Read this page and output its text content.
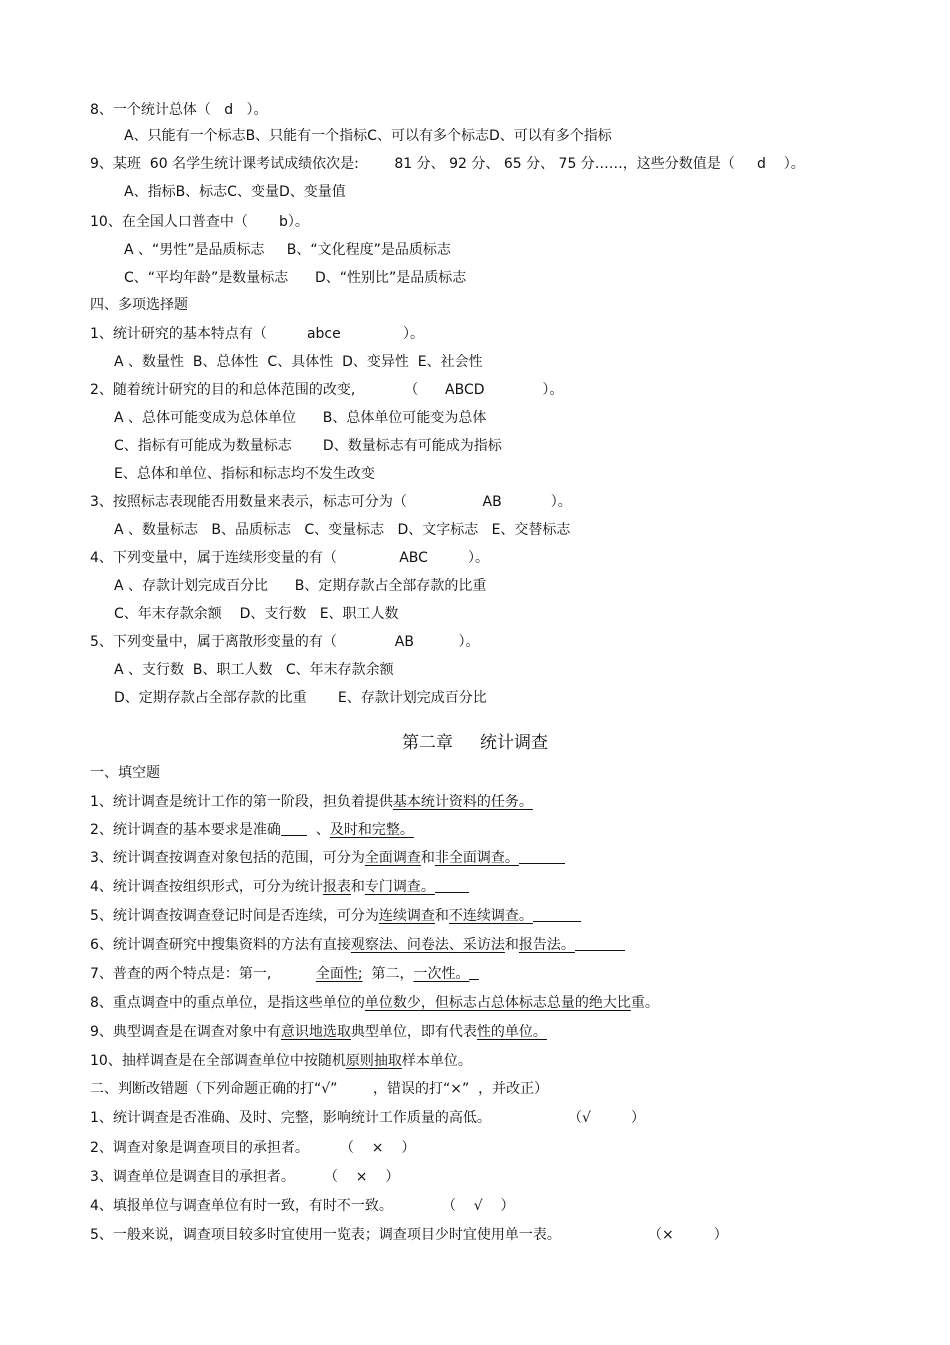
8、一个统计总体（   d   ）。
A、只能有一个标志B、只能有一个指标C、可以有多个标志D、可以有多个指标
9、某班  60 名学生统计课考试成绩依次是:        81 分、 92 分、 65 分、 75 分……，这些分数值是（     d    ）。
A、指标B、标志C、变量D、变量值
10、在全国人口普查中（       b）。
A 、“男性”是品质标志     B、“文化程度”是品质标志
C、“平均年龄”是数量标志      D、“性别比”是品质标志
四、多项选择题
1、统计研究的基本特点有（         abce              ）。
A 、数量性  B、总体性  C、具体性  D、变异性  E、社会性
2、随着统计研究的目的和总体范围的改变,           （      ABCD             ）。
A 、总体可能变成为总体单位      B、总体单位可能变为总体
C、指标有可能成为数量标志       D、数量标志有可能成为指标
E、总体和单位、指标和标志均不发生改变
3、按照标志表现能否用数量来表示，标志可分为（                 AB           ）。
A 、数量标志   B、品质标志   C、变量标志   D、文字标志   E、交替标志
4、下列变量中，属于连续形变量的有（              ABC         ）。
A 、存款计划完成百分比      B、定期存款占全部存款的比重
C、年末存款余额    D、支行数   E、职工人数
5、下列变量中，属于离散形变量的有（             AB          ）。
A 、支行数  B、职工人数   C、年末存款余额
D、定期存款占全部存款的比重       E、存款计划完成百分比
第二章     统计调查
一、填空题
1、统计调查是统计工作的第一阶段，担负着提供基本统计资料的任务。
2、统计调查的基本要求是准确  、及时和完整。
3、统计调查按调查对象包括的范围，可分为全面调查和非全面调查。
4、统计调查按组织形式，可分为统计报表和专门调查。
5、统计调查按调查登记时间是否连续，可分为连续调查和不连续调查。
6、统计调查研究中搜集资料的方法有直接观察法、问卷法、采访法和报告法。
7、普查的两个特点是：第一,          全面性;  第二，一次性。
8、重点调查中的重点单位，是指这些单位的单位数少，但标志占总体标志总量的绝大比重。
9、典型调查是在调查对象中有意识地选取典型单位，即有代表性的单位。
10、抽样调查是在全部调查单位中按随机原则抽取样本单位。
二、判断改错题（下列命题正确的打“√”        ，错误的打“×”  ，并改正）
1、统计调查是否准确、及时、完整，影响统计工作质量的高低。	（√         ）
2、调查对象是调查项目的承担者。 （    ×    ）
3、调查单位是调查目的承担者。 （    ×    ）
4、填报单位与调查单位有时一致，有时不一致。	（    √    ）
5、一般来说，调查项目较多时宜使用一览表；调查项目少时宜使用单一表。	（×         ）
